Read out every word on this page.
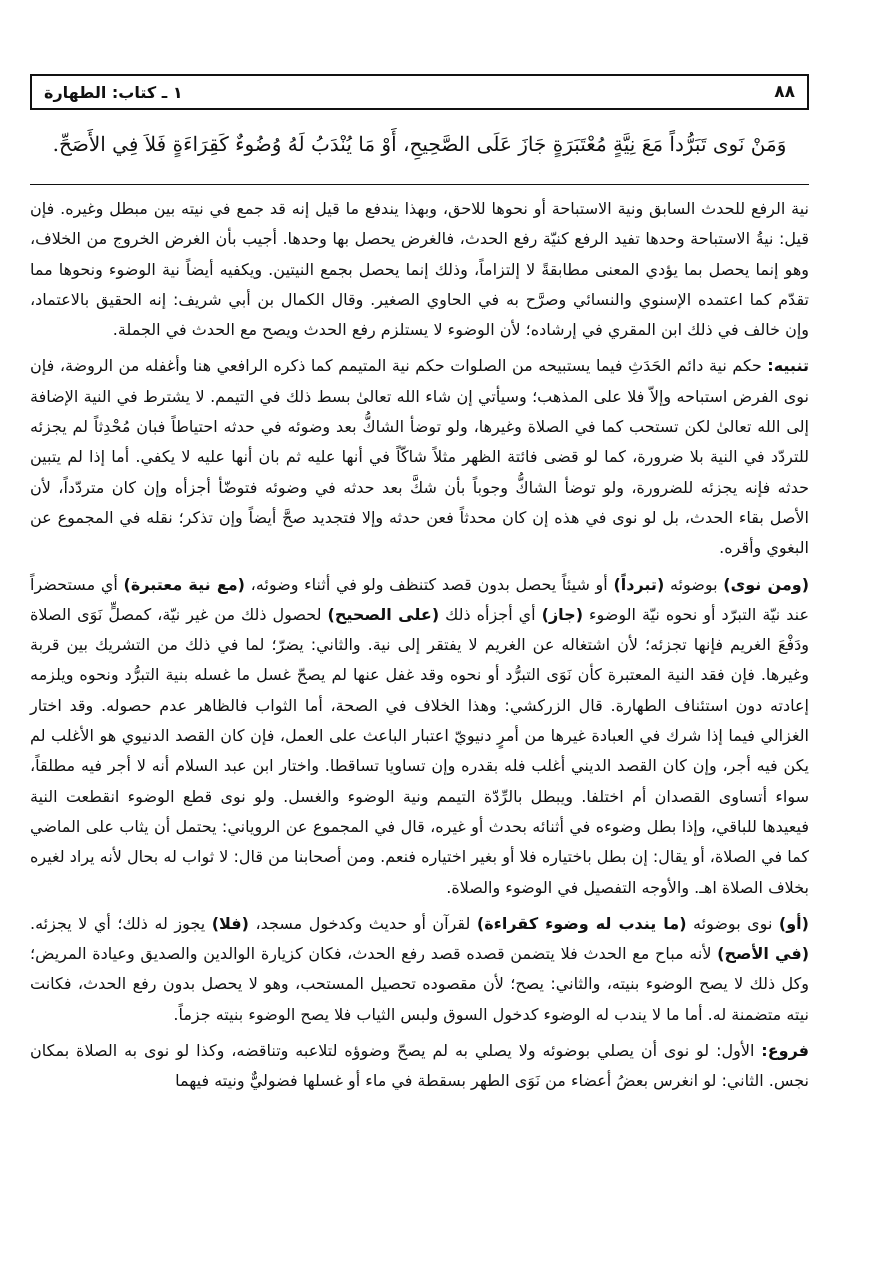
٨٨
١ ـ كتاب: الطهارة
وَمَنْ نَوى تَبَرُّداً مَعَ نِيَّةٍ مُعْتَبَرَةٍ جَازَ عَلَى الصَّحِيحِ، أَوْ مَا يُنْدَبُ لَهُ وُضُوءٌ كَقِرَاءَةٍ فَلاَ فِي الأَصَحِّ.

نية الرفع للحدث السابق ونية الاستباحة أو نحوها للاحق، وبهذا يندفع ما قيل إنه قد جمع في نيته بين مبطل وغيره. فإن قيل: نيةُ الاستباحة وحدها تفيد الرفع كنيّة رفع الحدث، فالغرض يحصل بها وحدها. أجيب بأن الغرض الخروج من الخلاف، وهو إنما يحصل بما يؤدي المعنى مطابقةً لا إلتزاماً، وذلك إنما يحصل بجمع النيتين. ويكفيه أيضاً نية الوضوء ونحوها مما تقدّم كما اعتمده الإسنوي والنسائي وصرَّح به في الحاوي الصغير. وقال الكمال بن أبي شريف: إنه الحقيق بالاعتماد، وإن خالف في ذلك ابن المقري في إرشاده؛ لأن الوضوء لا يستلزم رفع الحدث ويصح مع الحدث في الجملة.

تنبيه: حكم نية دائم الحَدَثِ فيما يستبيحه من الصلوات حكم نية المتيمم كما ذكره الرافعي هنا وأغفله من الروضة، فإن نوى الفرض استباحه وإلاّ فلا على المذهب؛ وسيأتي إن شاء الله تعالىٰ بسط ذلك في التيمم. لا يشترط في النية الإضافة إلى الله تعالىٰ لكن تستحب كما في الصلاة وغيرها، ولو توضأ الشاكُّ بعد وضوئه في حدثه احتياطاً فبان مُحْدِثاً لم يجزئه للتردّد في النية بلا ضرورة، كما لو قضى فائتة الظهر مثلاً شاكّاً في أنها عليه ثم بان أنها عليه لا يكفي. أما إذا لم يتبين حدثه فإنه يجزئه للضرورة، ولو توضأ الشاكُّ وجوباً بأن شكَّ بعد حدثه في وضوئه فتوضّأ أجزأه وإن كان متردّداً، لأن الأصل بقاء الحدث، بل لو نوى في هذه إن كان محدثاً فعن حدثه وإلا فتجديد صحَّ أيضاً وإن تذكر؛ نقله في المجموع عن البغوي وأقره.

(ومن نوى) بوضوئه (تبرداً) أو شيئاً يحصل بدون قصد كتنظف ولو في أثناء وضوئه، (مع نية معتبرة) أي مستحضراً عند نيّة التبرّد أو نحوه نيّة الوضوء (جاز) أي أجزأه ذلك (على الصحيح) لحصول ذلك من غير نيّة، كمصلٍّ نَوَى الصلاة ودَفْعَ الغريم فإنها تجزئه؛ لأن اشتغاله عن الغريم لا يفتقر إلى نية. والثاني: يضرّ؛ لما في ذلك من التشريك بين قربة وغيرها. فإن فقد النية المعتبرة كأن نَوَى التبرُّد أو نحوه وقد غفل عنها لم يصحّ غسل ما غسله بنية التبرُّد ونحوه ويلزمه إعادته دون استئناف الطهارة. قال الزركشي: وهذا الخلاف في الصحة، أما الثواب فالظاهر عدم حصوله. وقد اختار الغزالي فيما إذا شرك في العبادة غيرها من أمرٍ دنيويّ اعتبار الباعث على العمل، فإن كان القصد الدنيوي هو الأغلب لم يكن فيه أجر، وإن كان القصد الديني أغلب فله بقدره وإن تساويا تساقطا. واختار ابن عبد السلام أنه لا أجر فيه مطلقاً، سواء أتساوى القصدان أم اختلفا. ويبطل بالرِّدّة التيمم ونية الوضوء والغسل. ولو نوى قطع الوضوء انقطعت النية فيعيدها للباقي، وإذا بطل وضوءه في أثنائه بحدث أو غيره، قال في المجموع عن الروياني: يحتمل أن يثاب على الماضي كما في الصلاة، أو يقال: إن بطل باختياره فلا أو بغير اختياره فنعم. ومن أصحابنا من قال: لا ثواب له بحال لأنه يراد لغيره بخلاف الصلاة اهـ. والأوجه التفصيل في الوضوء والصلاة.

(أو) نوى بوضوئه (ما يندب له وضوء كقراءة) لقرآن أو حديث وكدخول مسجد، (فلا) يجوز له ذلك؛ أي لا يجزئه. (في الأصح) لأنه مباح مع الحدث فلا يتضمن قصده قصد رفع الحدث، فكان كزيارة الوالدين والصديق وعيادة المريض؛ وكل ذلك لا يصح الوضوء بنيته، والثاني: يصح؛ لأن مقصوده تحصيل المستحب، وهو لا يحصل بدون رفع الحدث، فكانت نيته متضمنة له. أما ما لا يندب له الوضوء كدخول السوق ولبس الثياب فلا يصح الوضوء بنيته جزماً.

فروع: الأول: لو نوى أن يصلي بوضوئه ولا يصلي به لم يصحّ وضوؤه لتلاعبه وتناقضه، وكذا لو نوى به الصلاة بمكان نجس. الثاني: لو انغرس بعضُ أعضاء من نَوَى الطهر بسقطة في ماء أو غسلها فضوليٌّ ونيته فيهما
